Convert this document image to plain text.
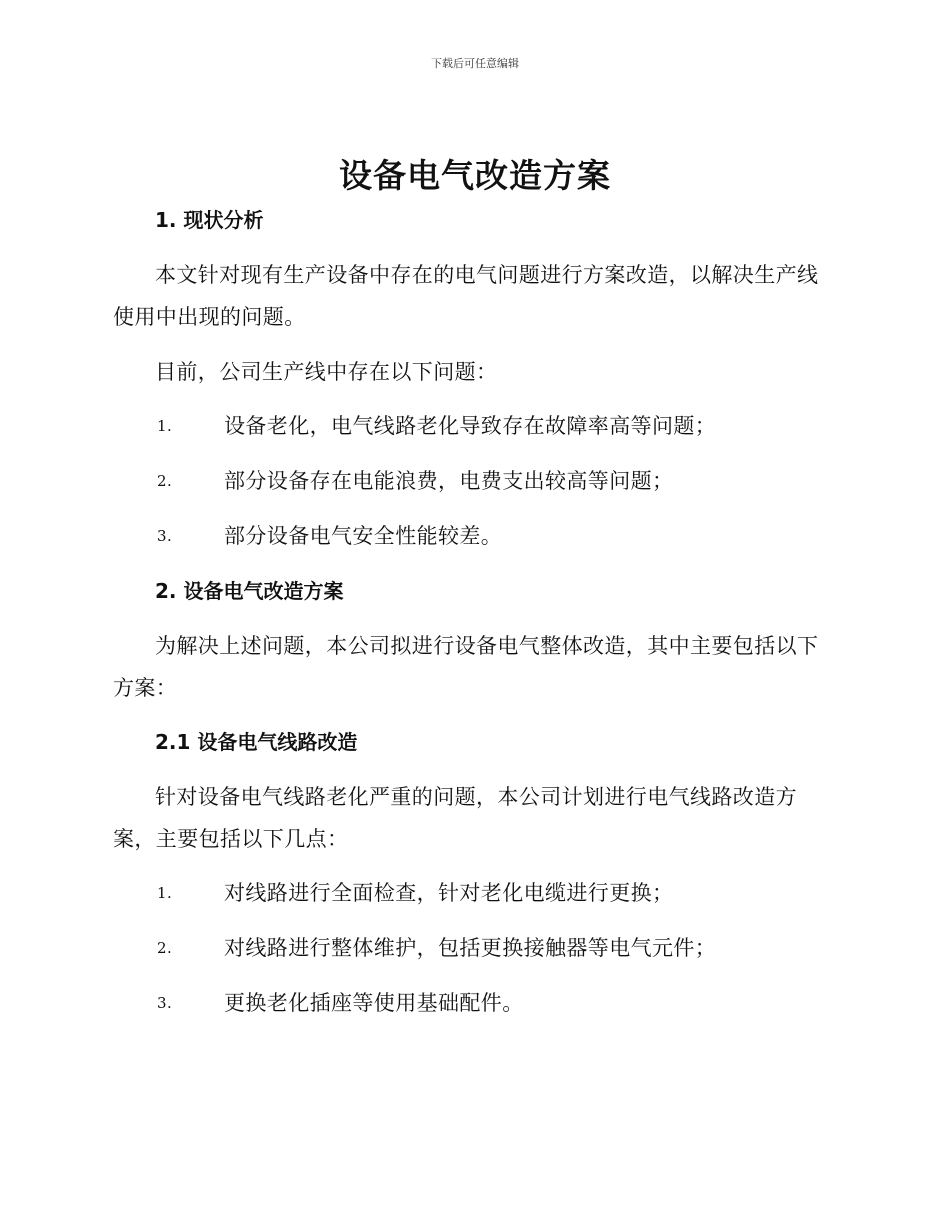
下载后可任意编辑
设备电气改造方案
1. 现状分析

本文针对现有生产设备中存在的电气问题进行方案改造，以解决生产线使用中出现的问题。

目前，公司生产线中存在以下问题：

1. 设备老化，电气线路老化导致存在故障率高等问题；
2. 部分设备存在电能浪费，电费支出较高等问题；
3. 部分设备电气安全性能较差。
2. 设备电气改造方案

为解决上述问题，本公司拟进行设备电气整体改造，其中主要包括以下方案：

2.1 设备电气线路改造

针对设备电气线路老化严重的问题，本公司计划进行电气线路改造方案，主要包括以下几点：

1. 对线路进行全面检查，针对老化电缆进行更换；
2. 对线路进行整体维护，包括更换接触器等电气元件；
3. 更换老化插座等使用基础配件。
